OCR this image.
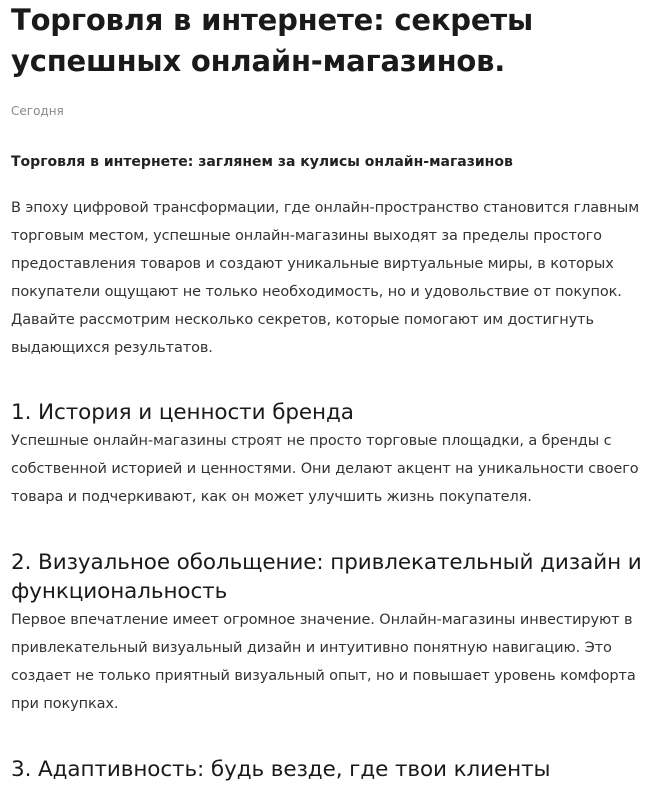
Торговля в интернете: секреты успешных онлайн-магазинов.
Сегодня
Торговля в интернете: заглянем за кулисы онлайн-магазинов

В эпоху цифровой трансформации, где онлайн-пространство становится главным торговым местом, успешные онлайн-магазины выходят за пределы простого предоставления товаров и создают уникальные виртуальные миры, в которых покупатели ощущают не только необходимость, но и удовольствие от покупок. Давайте рассмотрим несколько секретов, которые помогают им достигнуть выдающихся результатов.

1. История и ценности бренда

Успешные онлайн-магазины строят не просто торговые площадки, а бренды с собственной историей и ценностями. Они делают акцент на уникальности своего товара и подчеркивают, как он может улучшить жизнь покупателя.

2. Визуальное обольщение: привлекательный дизайн и функциональность

Первое впечатление имеет огромное значение. Онлайн-магазины инвестируют в привлекательный визуальный дизайн и интуитивно понятную навигацию. Это создает не только приятный визуальный опыт, но и повышает уровень комфорта при покупках.

3. Адаптивность: будь везде, где твои клиенты
